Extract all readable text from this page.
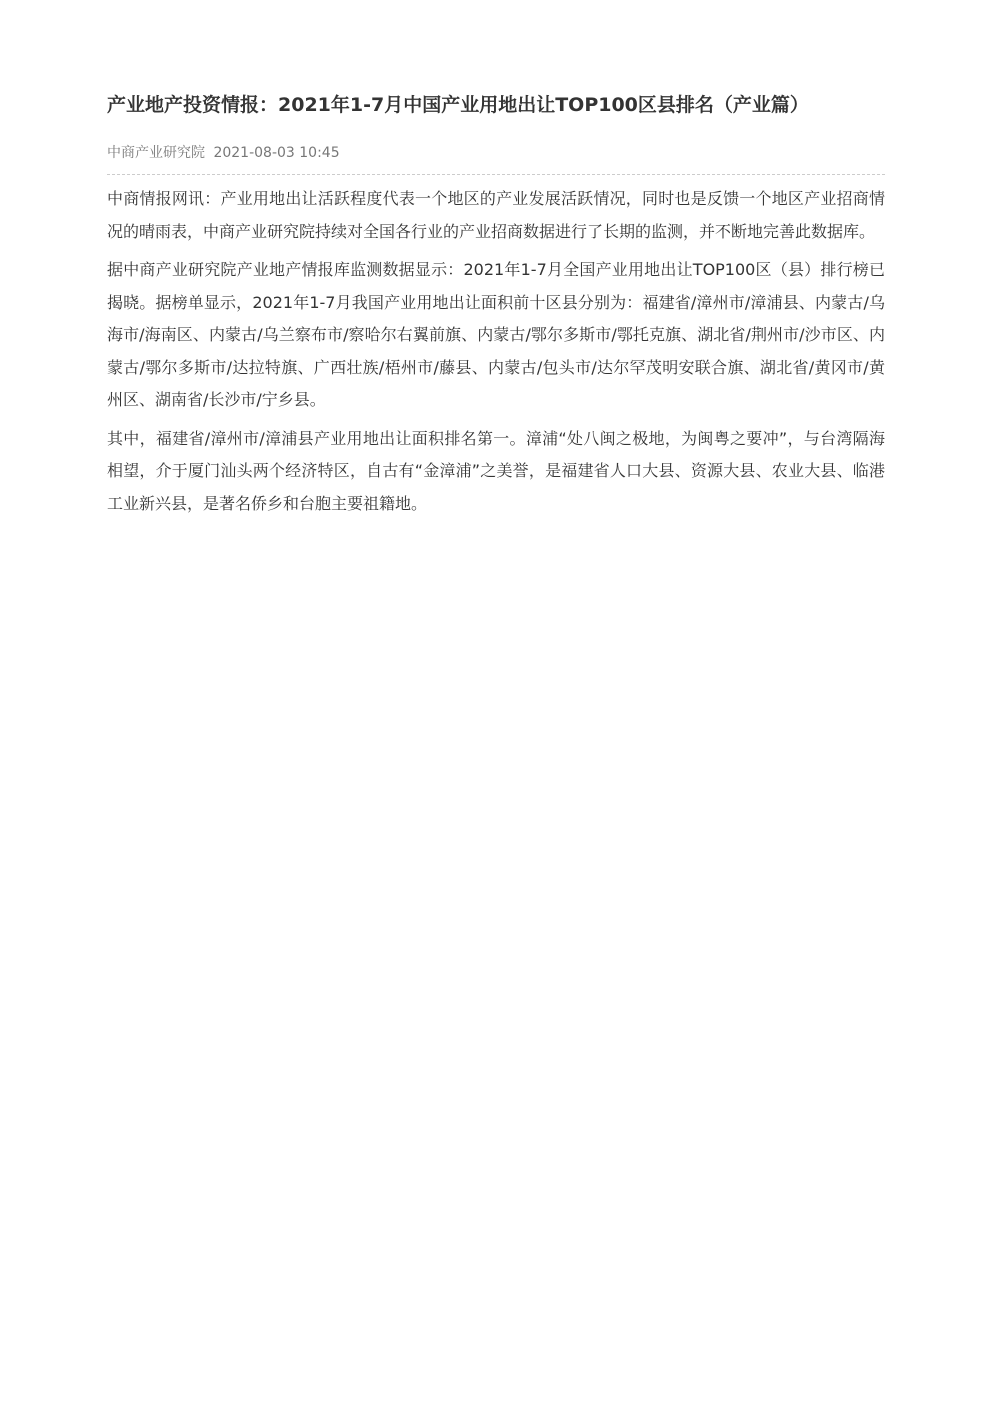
产业地产投资情报：2021年1-7月中国产业用地出让TOP100区县排名（产业篇）
中商产业研究院 2021-08-03 10:45

中商情报网讯：产业用地出让活跃程度代表一个地区的产业发展活跃情况，同时也是反馈一个地区产业招商情况的晴雨表，中商产业研究院持续对全国各行业的产业招商数据进行了长期的监测，并不断地完善此数据库。

据中商产业研究院产业地产情报库监测数据显示：2021年1-7月全国产业用地出让TOP100区（县）排行榜已揭晓。据榜单显示，2021年1-7月我国产业用地出让面积前十区县分别为：福建省/漳州市/漳浦县、内蒙古/乌海市/海南区、内蒙古/乌兰察布市/察哈尔右翼前旗、内蒙古/鄂尔多斯市/鄂托克旗、湖北省/荆州市/沙市区、内蒙古/鄂尔多斯市/达拉特旗、广西壮族/梧州市/藤县、内蒙古/包头市/达尔罕茂明安联合旗、湖北省/黄冈市/黄州区、湖南省/长沙市/宁乡县。

其中，福建省/漳州市/漳浦县产业用地出让面积排名第一。漳浦“处八闽之极地，为闽粤之要冲”，与台湾隔海相望，介于厦门汕头两个经济特区，自古有“金漳浦”之美誉，是福建省人口大县、资源大县、农业大县、临港工业新兴县，是著名侨乡和台胞主要祖籍地。
